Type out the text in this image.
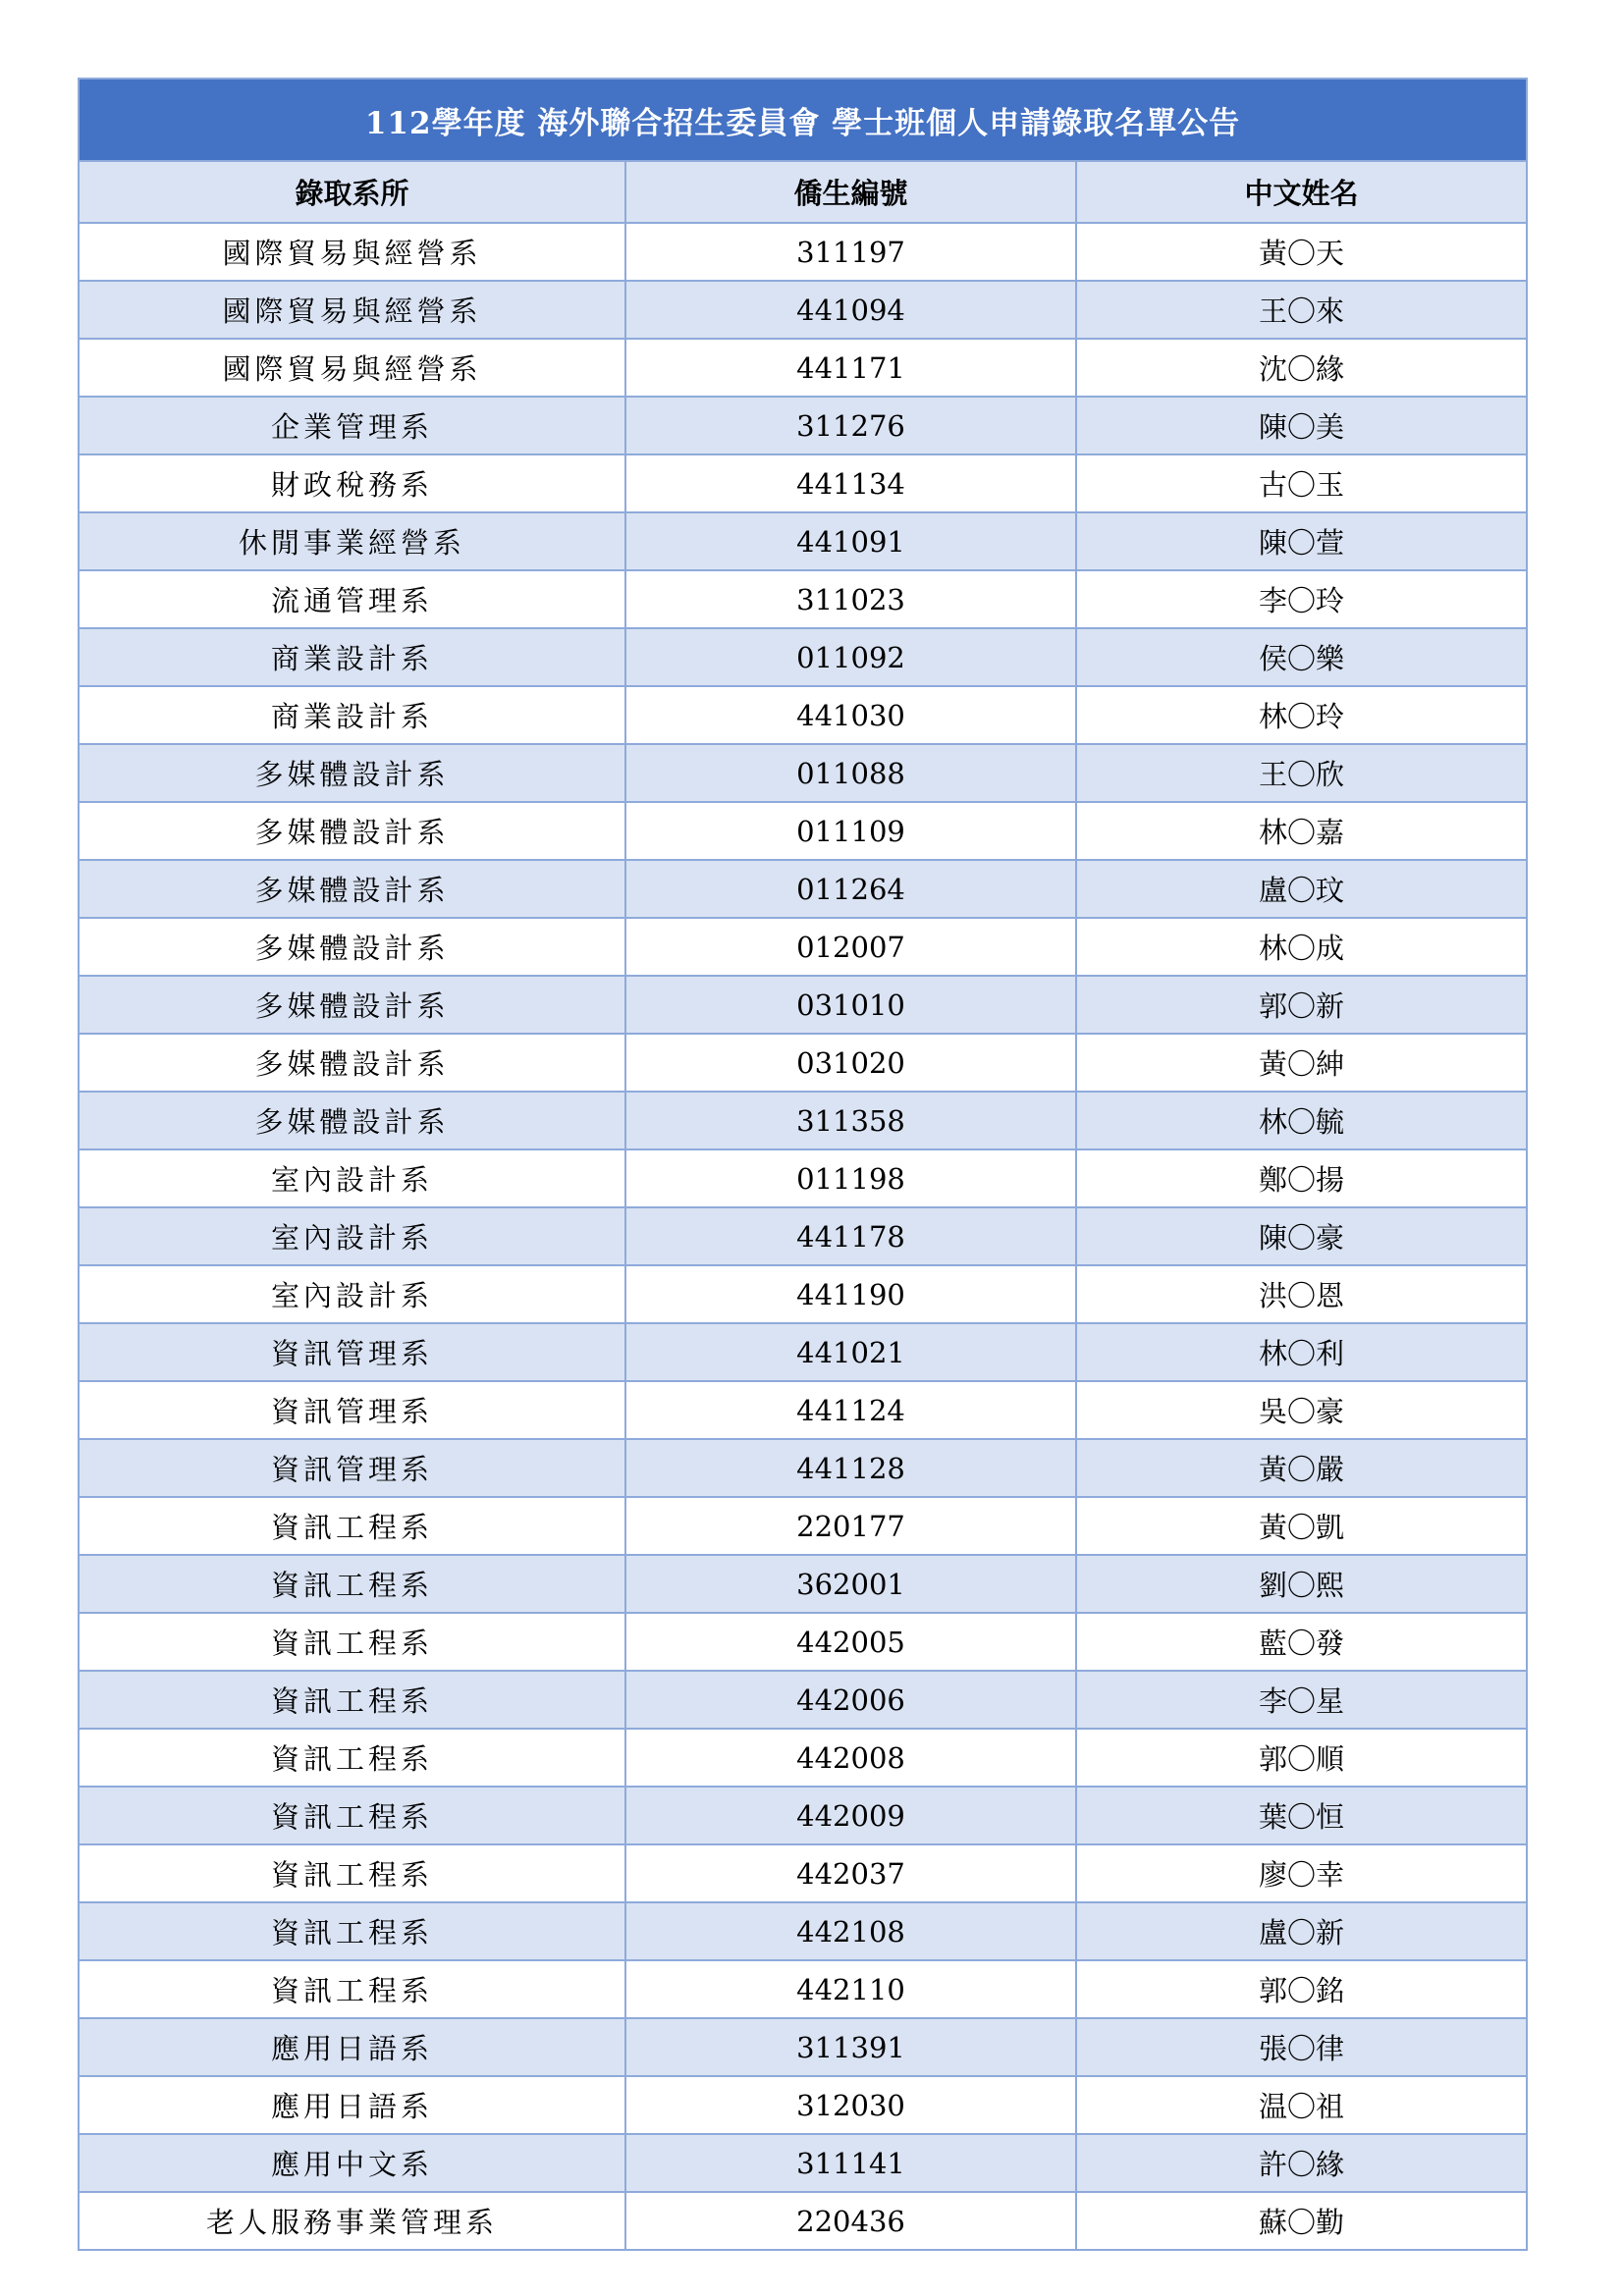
112學年度 海外聯合招生委員會 學士班個人申請錄取名單公告		
錄取系所	僑生編號	中文姓名
國際貿易與經營系	311197	黃〇天
國際貿易與經營系	441094	王〇來
國際貿易與經營系	441171	沈〇緣
企業管理系	311276	陳〇美
財政稅務系	441134	古〇玉
休閒事業經營系	441091	陳〇萱
流通管理系	311023	李〇玲
商業設計系	011092	侯〇樂
商業設計系	441030	林〇玲
多媒體設計系	011088	王〇欣
多媒體設計系	011109	林〇嘉
多媒體設計系	011264	盧〇玟
多媒體設計系	012007	林〇成
多媒體設計系	031010	郭〇新
多媒體設計系	031020	黃〇紳
多媒體設計系	311358	林〇毓
室內設計系	011198	鄭〇揚
室內設計系	441178	陳〇豪
室內設計系	441190	洪〇恩
資訊管理系	441021	林〇利
資訊管理系	441124	吳〇豪
資訊管理系	441128	黃〇嚴
資訊工程系	220177	黃〇凱
資訊工程系	362001	劉〇熙
資訊工程系	442005	藍〇發
資訊工程系	442006	李〇星
資訊工程系	442008	郭〇順
資訊工程系	442009	葉〇恒
資訊工程系	442037	廖〇幸
資訊工程系	442108	盧〇新
資訊工程系	442110	郭〇銘
應用日語系	311391	張〇律
應用日語系	312030	温〇祖
應用中文系	311141	許〇緣
老人服務事業管理系	220436	蘇〇勤
